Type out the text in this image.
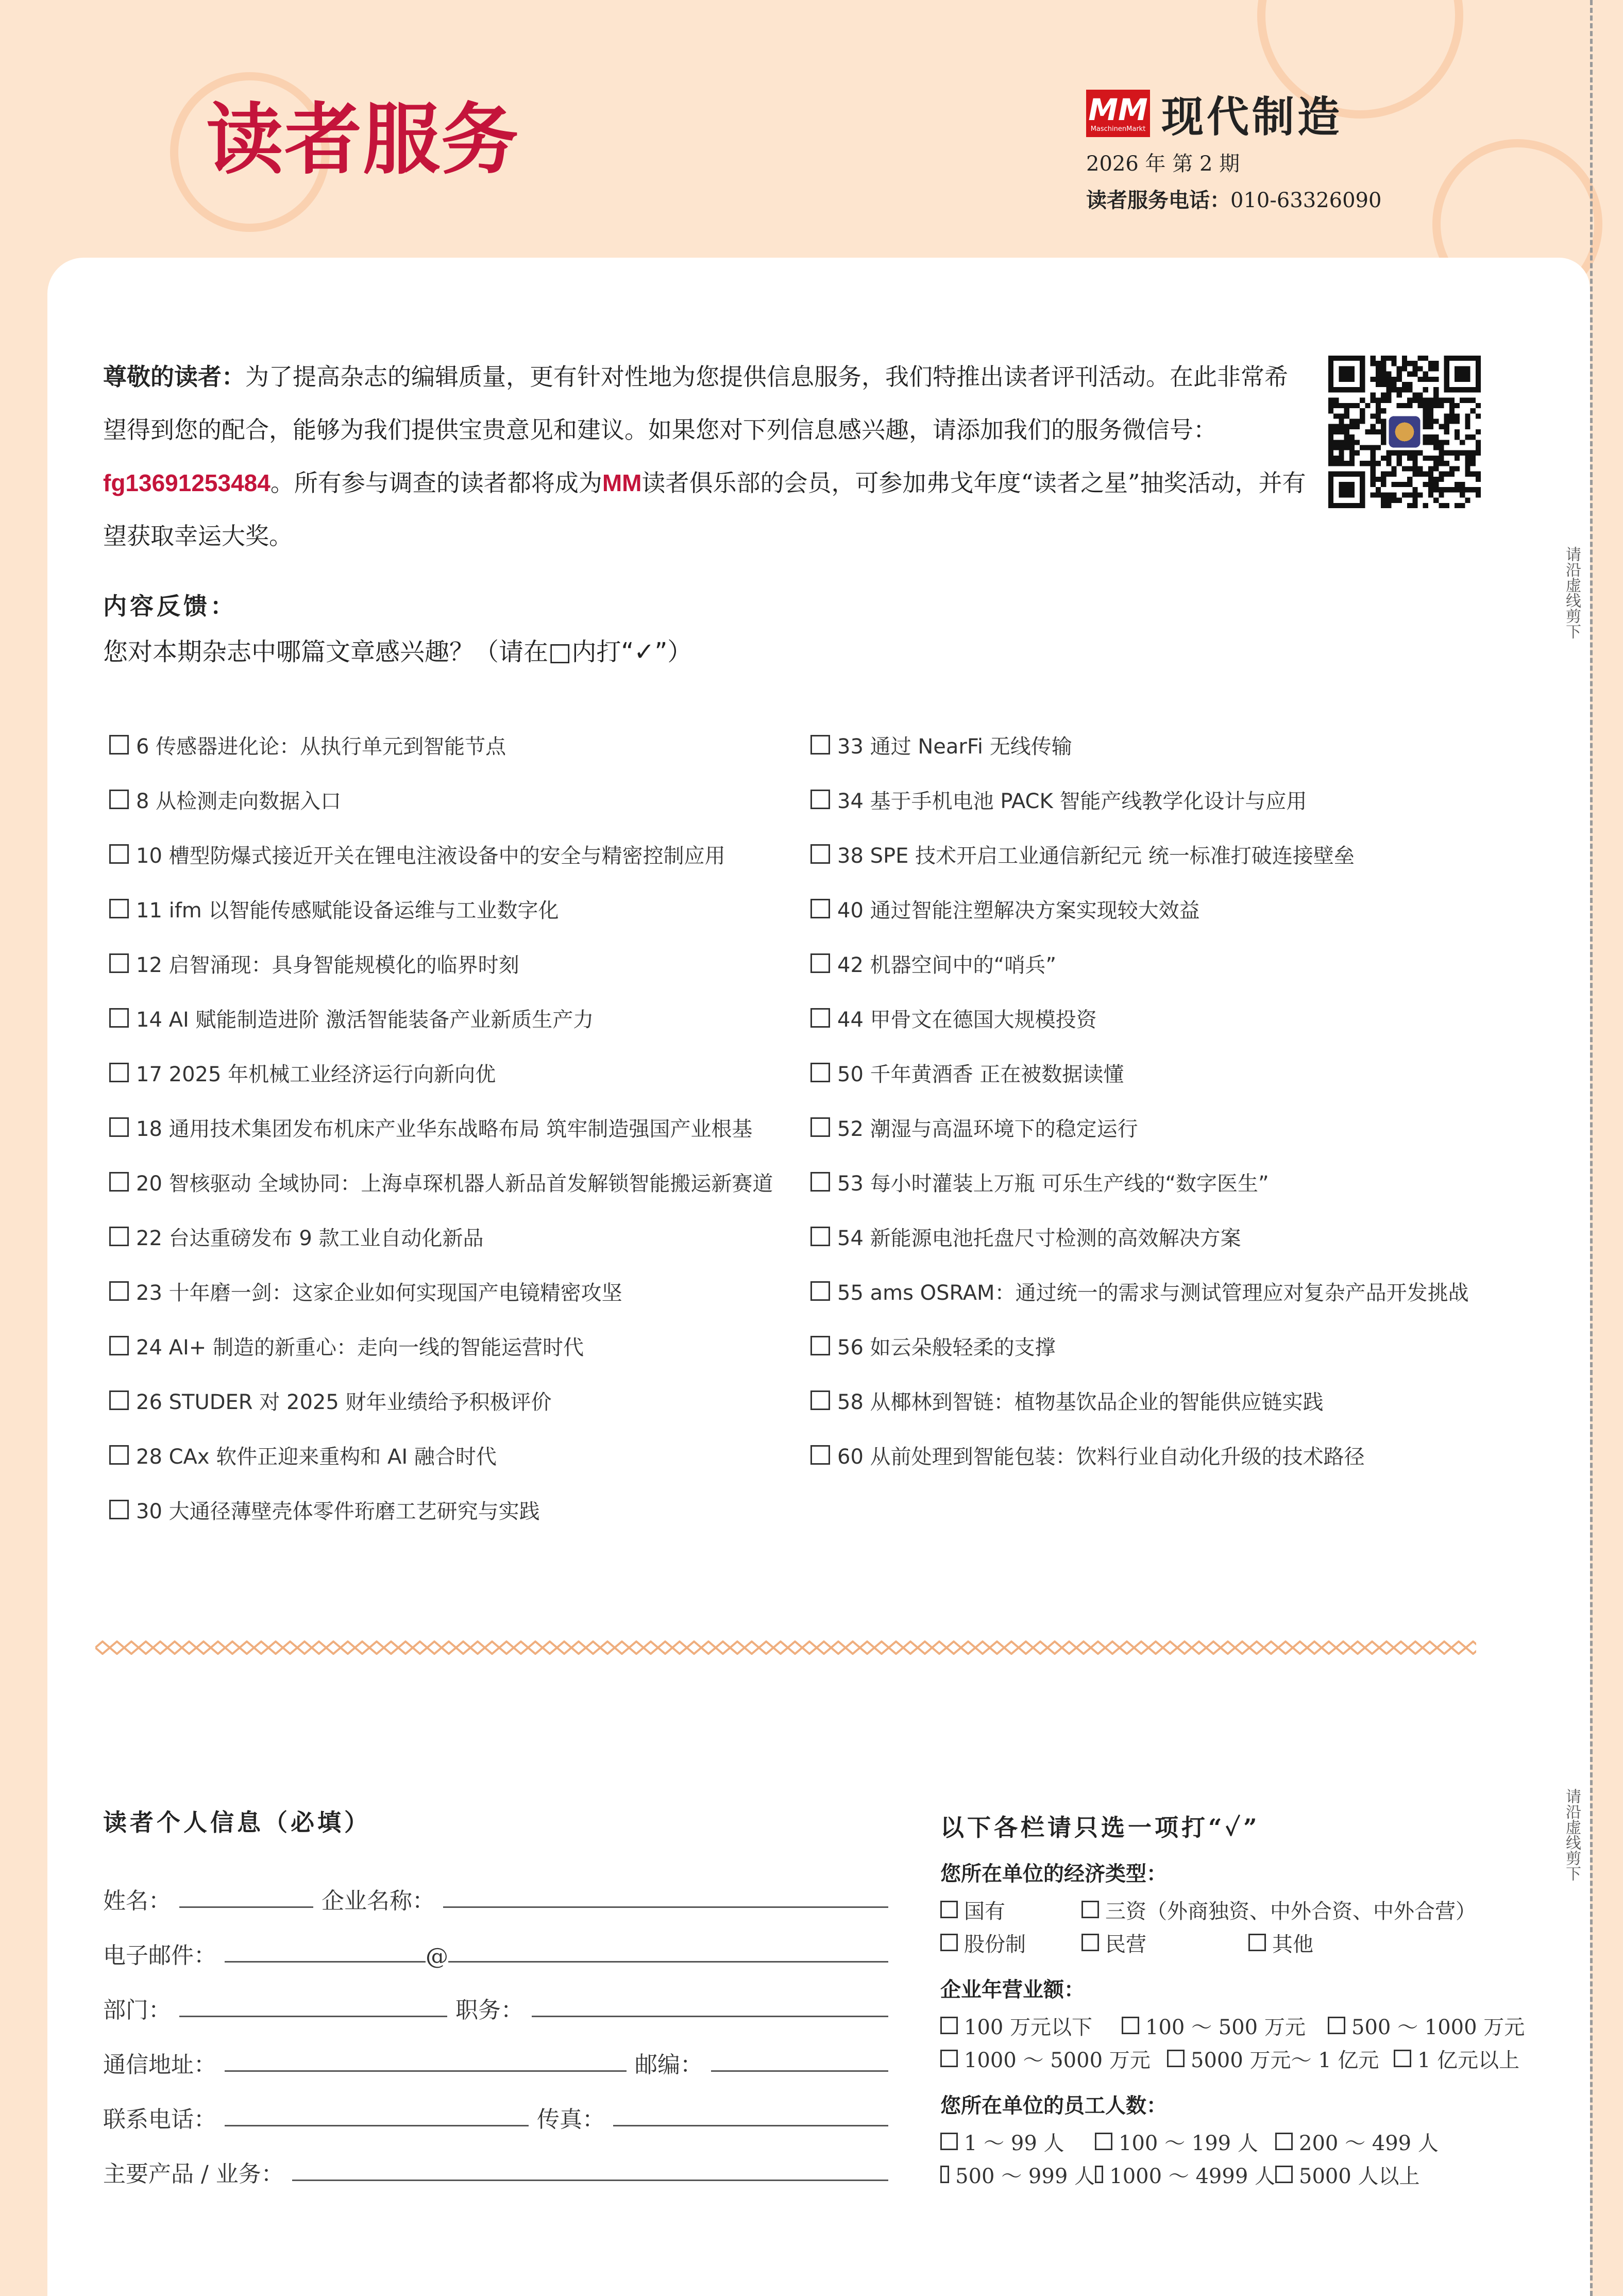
请沿虚线剪下
请沿虚线剪下
读者服务	MM
MaschinenMarkt 现代制造
2026 年 第 2 期
读者服务电话：010-63326090
尊敬的读者：为了提高杂志的编辑质量，更有针对性地为您提供信息服务，我们特推出读者评刊活动。在此非常希望得到您的配合，能够为我们提供宝贵意见和建议。如果您对下列信息感兴趣，请添加我们的服务微信号：fg13691253484。所有参与调查的读者都将成为MM读者俱乐部的会员，可参加弗戈年度“读者之星”抽奖活动，并有望获取幸运大奖。
内容反馈：
您对本期杂志中哪篇文章感兴趣？（请在□内打“✓”）
6 传感器进化论：从执行单元到智能节点
8 从检测走向数据入口
10 槽型防爆式接近开关在锂电注液设备中的安全与精密控制应用
11 ifm 以智能传感赋能设备运维与工业数字化
12 启智涌现：具身智能规模化的临界时刻
14 AI 赋能制造进阶 激活智能装备产业新质生产力
17 2025 年机械工业经济运行向新向优
18 通用技术集团发布机床产业华东战略布局 筑牢制造强国产业根基
20 智核驱动 全域协同：上海卓琛机器人新品首发解锁智能搬运新赛道
22 台达重磅发布 9 款工业自动化新品
23 十年磨一剑：这家企业如何实现国产电镜精密攻坚
24 AI+ 制造的新重心：走向一线的智能运营时代
26 STUDER 对 2025 财年业绩给予积极评价
28 CAx 软件正迎来重构和 AI 融合时代
30 大通径薄壁壳体零件珩磨工艺研究与实践
33 通过 NearFi 无线传输
34 基于手机电池 PACK 智能产线教学化设计与应用
38 SPE 技术开启工业通信新纪元 统一标准打破连接壁垒
40 通过智能注塑解决方案实现较大效益
42 机器空间中的“哨兵”
44 甲骨文在德国大规模投资
50 千年黄酒香 正在被数据读懂
52 潮湿与高温环境下的稳定运行
53 每小时灌装上万瓶 可乐生产线的“数字医生”
54 新能源电池托盘尺寸检测的高效解决方案
55 ams OSRAM：通过统一的需求与测试管理应对复杂产品开发挑战
56 如云朵般轻柔的支撑
58 从椰林到智链：植物基饮品企业的智能供应链实践
60 从前处理到智能包装：饮料行业自动化升级的技术路径
读者个人信息（必填）
姓名：	企业名称：
电子邮件：	@
部门：	职务：
通信地址：	邮编：
联系电话：	传真：
主要产品 / 业务：
以下各栏请只选一项打“✓”
您所在单位的经济类型：
国有	三资（外商独资、中外合资、中外合营）
股份制	民营	其他
企业年营业额：
100 万元以下	100 ～ 500 万元 500 ～ 1000 万元
1000 ～ 5000 万元 5000 万元～ 1 亿元 1 亿元以上
您所在单位的员工人数：
1 ～ 99 人	100 ～ 199 人 200 ～ 499 人
500 ～ 999 人 1000 ～ 4999 人 5000 人以上
